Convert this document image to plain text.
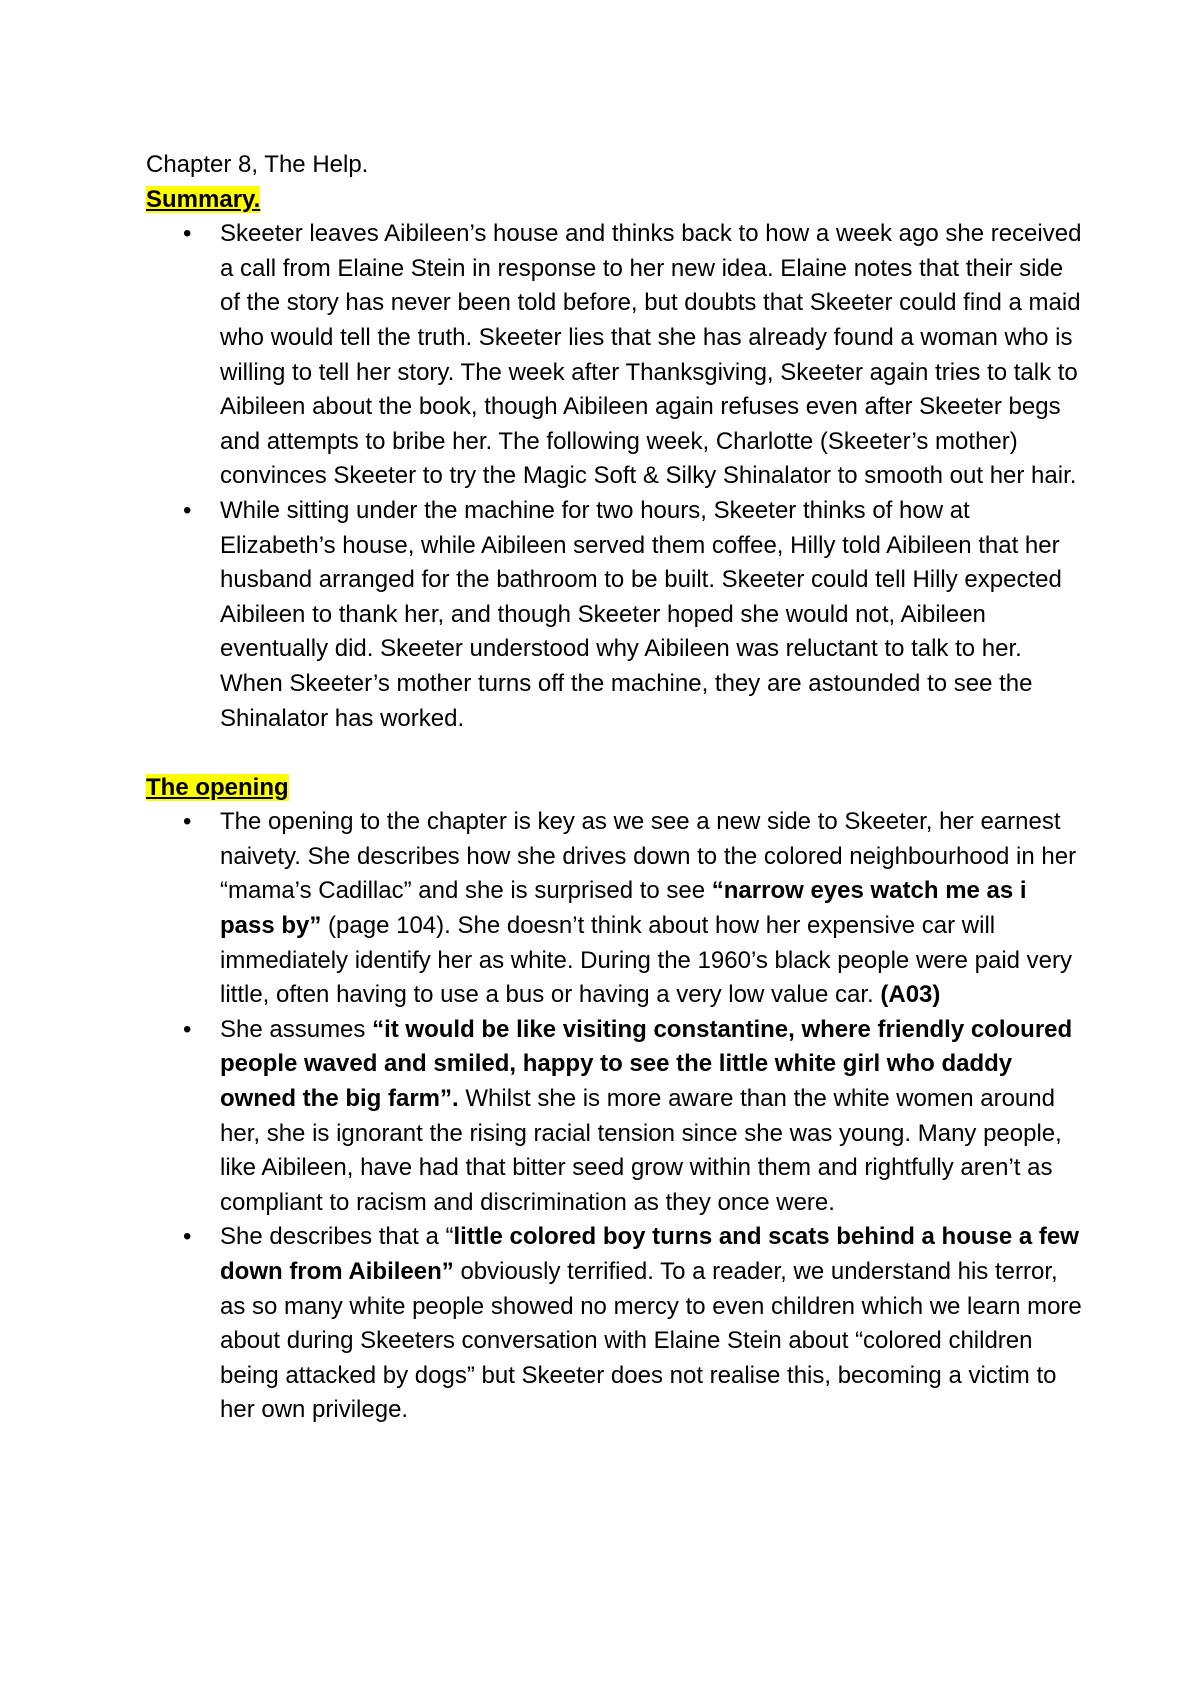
Chapter 8, The Help.

Summary.

• Skeeter leaves Aibileen’s house and thinks back to how a week ago she received a call from Elaine Stein in response to her new idea. Elaine notes that their side of the story has never been told before, but doubts that Skeeter could find a maid who would tell the truth. Skeeter lies that she has already found a woman who is willing to tell her story. The week after Thanksgiving, Skeeter again tries to talk to Aibileen about the book, though Aibileen again refuses even after Skeeter begs and attempts to bribe her. The following week, Charlotte (Skeeter’s mother) convinces Skeeter to try the Magic Soft & Silky Shinalator to smooth out her hair.
• While sitting under the machine for two hours, Skeeter thinks of how at Elizabeth’s house, while Aibileen served them coffee, Hilly told Aibileen that her husband arranged for the bathroom to be built. Skeeter could tell Hilly expected Aibileen to thank her, and though Skeeter hoped she would not, Aibileen eventually did. Skeeter understood why Aibileen was reluctant to talk to her. When Skeeter’s mother turns off the machine, they are astounded to see the Shinalator has worked.

The opening

• The opening to the chapter is key as we see a new side to Skeeter, her earnest naivety. She describes how she drives down to the colored neighbourhood in her “mama’s Cadillac” and she is surprised to see “narrow eyes watch me as i pass by” (page 104). She doesn’t think about how her expensive car will immediately identify her as white. During the 1960’s black people were paid very little, often having to use a bus or having a very low value car. (A03)
• She assumes “it would be like visiting constantine, where friendly coloured people waved and smiled, happy to see the little white girl who daddy owned the big farm”. Whilst she is more aware than the white women around her, she is ignorant the rising racial tension since she was young. Many people, like Aibileen, have had that bitter seed grow within them and rightfully aren’t as compliant to racism and discrimination as they once were.
• She describes that a “little colored boy turns and scats behind a house a few down from Aibileen” obviously terrified. To a reader, we understand his terror, as so many white people showed no mercy to even children which we learn more about during Skeeters conversation with Elaine Stein about “colored children being attacked by dogs” but Skeeter does not realise this, becoming a victim to her own privilege.
